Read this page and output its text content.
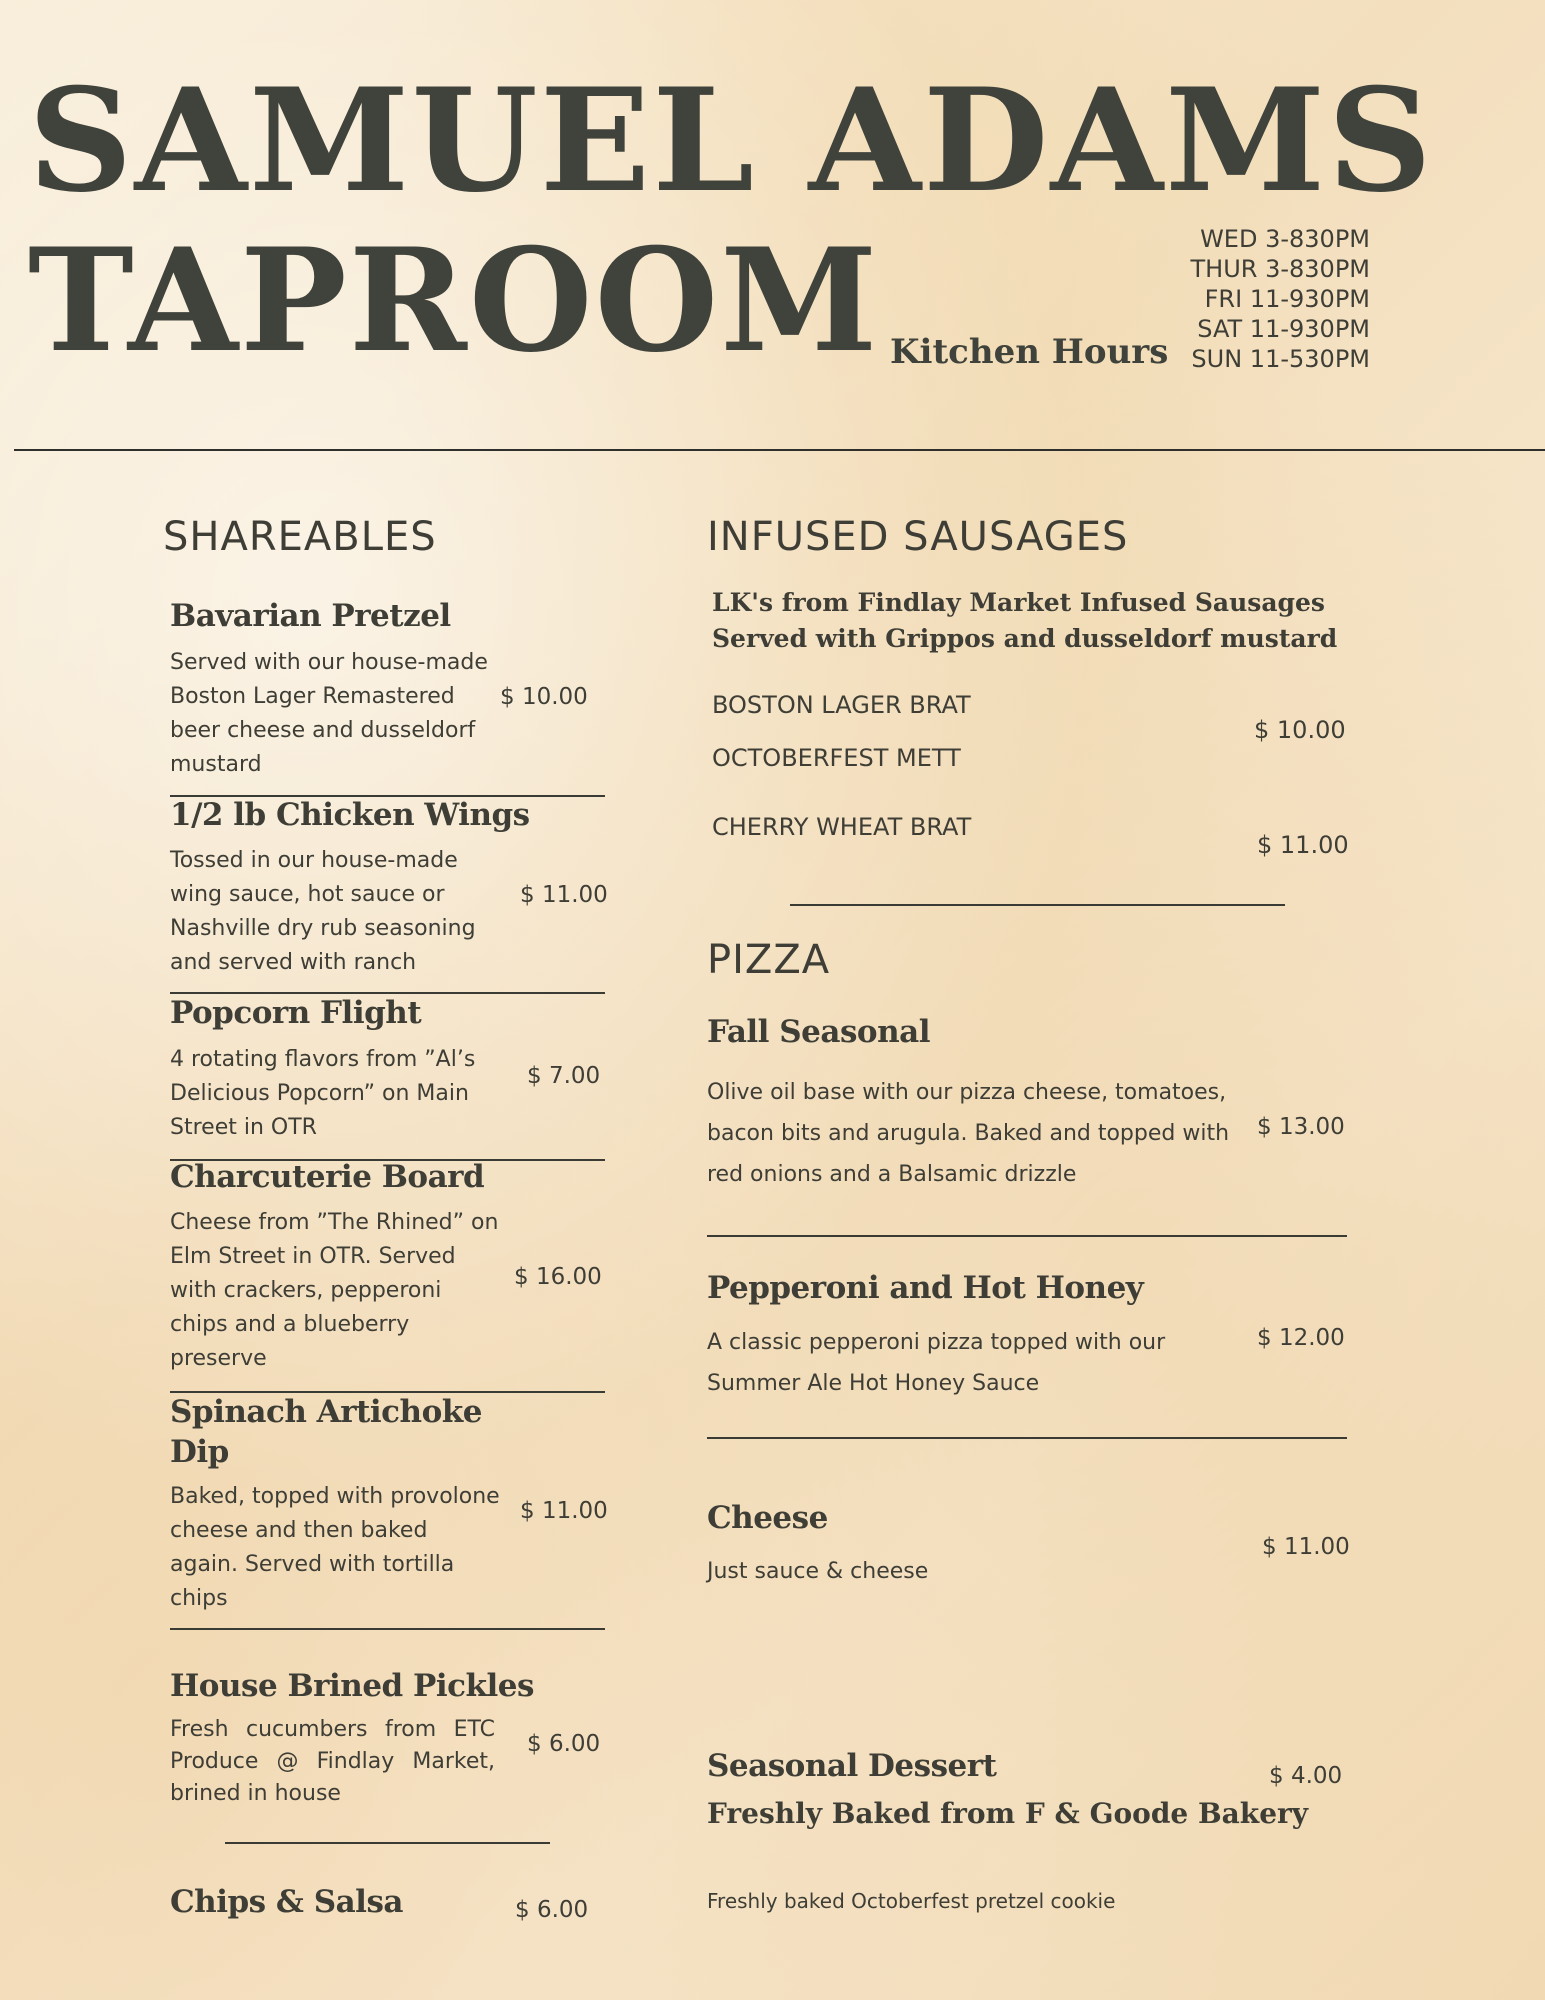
SAMUEL ADAMS
TAPROOM Kitchen Hours
WED 3-830PM
THUR 3-830PM
FRI 11-930PM
SAT 11-930PM
SUN 11-530PM
SHAREABLES
Bavarian Pretzel
Served with our house-made Boston Lager Remastered beer cheese and dusseldorf mustard
$ 10.00
1/2 lb Chicken Wings
Tossed in our house-made wing sauce, hot sauce or Nashville dry rub seasoning and served with ranch
$ 11.00
Popcorn Flight
4 rotating flavors from ”Al’s Delicious Popcorn” on Main Street in OTR
$ 7.00
Charcuterie Board
Cheese from ”The Rhined” on Elm Street in OTR. Served with crackers, pepperoni chips and a blueberry preserve
$ 16.00
Spinach Artichoke Dip
Baked, topped with provolone cheese and then baked again. Served with tortilla chips
$ 11.00
House Brined Pickles
Fresh cucumbers from ETC Produce @ Findlay Market, brined in house
$ 6.00
Chips & Salsa	$ 6.00
INFUSED SAUSAGES
LK's from Findlay Market Infused Sausages
Served with Grippos and dusseldorf mustard
BOSTON LAGER BRAT
OCTOBERFEST METT
$ 10.00
CHERRY WHEAT BRAT
$ 11.00
PIZZA
Fall Seasonal
Olive oil base with our pizza cheese, tomatoes, bacon bits and arugula. Baked and topped with red onions and a Balsamic drizzle
$ 13.00
Pepperoni and Hot Honey
A classic pepperoni pizza topped with our Summer Ale Hot Honey Sauce
$ 12.00
Cheese
Just sauce & cheese
$ 11.00
Seasonal Dessert
Freshly Baked from F & Goode Bakery
$ 4.00
Freshly baked Octoberfest pretzel cookie
